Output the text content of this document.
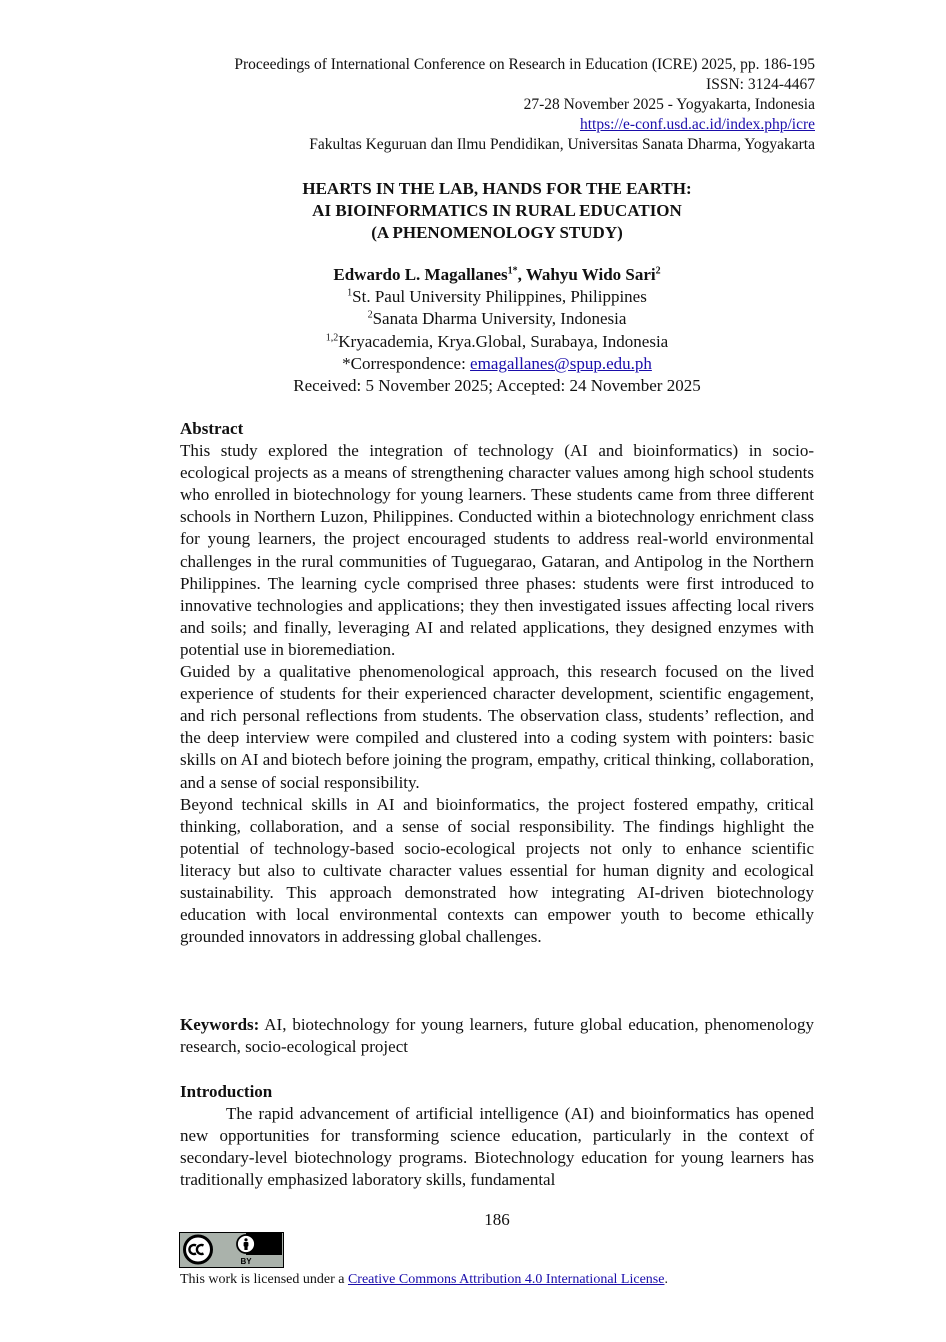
Proceedings of International Conference on Research in Education (ICRE) 2025, pp. 186-195
ISSN: 3124-4467
27-28 November 2025 - Yogyakarta, Indonesia
https://e-conf.usd.ac.id/index.php/icre
Fakultas Keguruan dan Ilmu Pendidikan, Universitas Sanata Dharma, Yogyakarta
HEARTS IN THE LAB, HANDS FOR THE EARTH:
AI BIOINFORMATICS IN RURAL EDUCATION
(A PHENOMENOLOGY STUDY)
Edwardo L. Magallanes$^{1*}$, Wahyu Wido Sari$^2$
$^1$St. Paul University Philippines, Philippines
$^2$Sanata Dharma University, Indonesia
$^{1,2}$Kryacademia, Krya.Global, Surabaya, Indonesia
*Correspondence: emagallanes@spup.edu.ph
Received: 5 November 2025; Accepted: 24 November 2025

Abstract

This study explored the integration of technology (AI and bioinformatics) in socio-ecological projects as a means of strengthening character values among high school students who enrolled in biotechnology for young learners. These students came from three different schools in Northern Luzon, Philippines. Conducted within a biotechnology enrichment class for young learners, the project encouraged students to address real-world environmental challenges in the rural communities of Tuguegarao, Gataran, and Antipolog in the Northern Philippines. The learning cycle comprised three phases: students were first introduced to innovative technologies and applications; they then investigated issues affecting local rivers and soils; and finally, leveraging AI and related applications, they designed enzymes with potential use in bioremediation.

Guided by a qualitative phenomenological approach, this research focused on the lived experience of students for their experienced character development, scientific engagement, and rich personal reflections from students. The observation class, students’ reflection, and the deep interview were compiled and clustered into a coding system with pointers: basic skills on AI and biotech before joining the program, empathy, critical thinking, collaboration, and a sense of social responsibility.

Beyond technical skills in AI and bioinformatics, the project fostered empathy, critical thinking, collaboration, and a sense of social responsibility. The findings highlight the potential of technology-based socio-ecological projects not only to enhance scientific literacy but also to cultivate character values essential for human dignity and ecological sustainability. This approach demonstrated how integrating AI-driven biotechnology education with local environmental contexts can empower youth to become ethically grounded innovators in addressing global challenges.

Keywords: AI, biotechnology for young learners, future global education, phenomenology research, socio-ecological project

Introduction

The rapid advancement of artificial intelligence (AI) and bioinformatics has opened new opportunities for transforming science education, particularly in the context of secondary-level biotechnology programs. Biotechnology education for young learners has traditionally emphasized laboratory skills, fundamental

186
BY
This work is licensed under a Creative Commons Attribution 4.0 International License.
